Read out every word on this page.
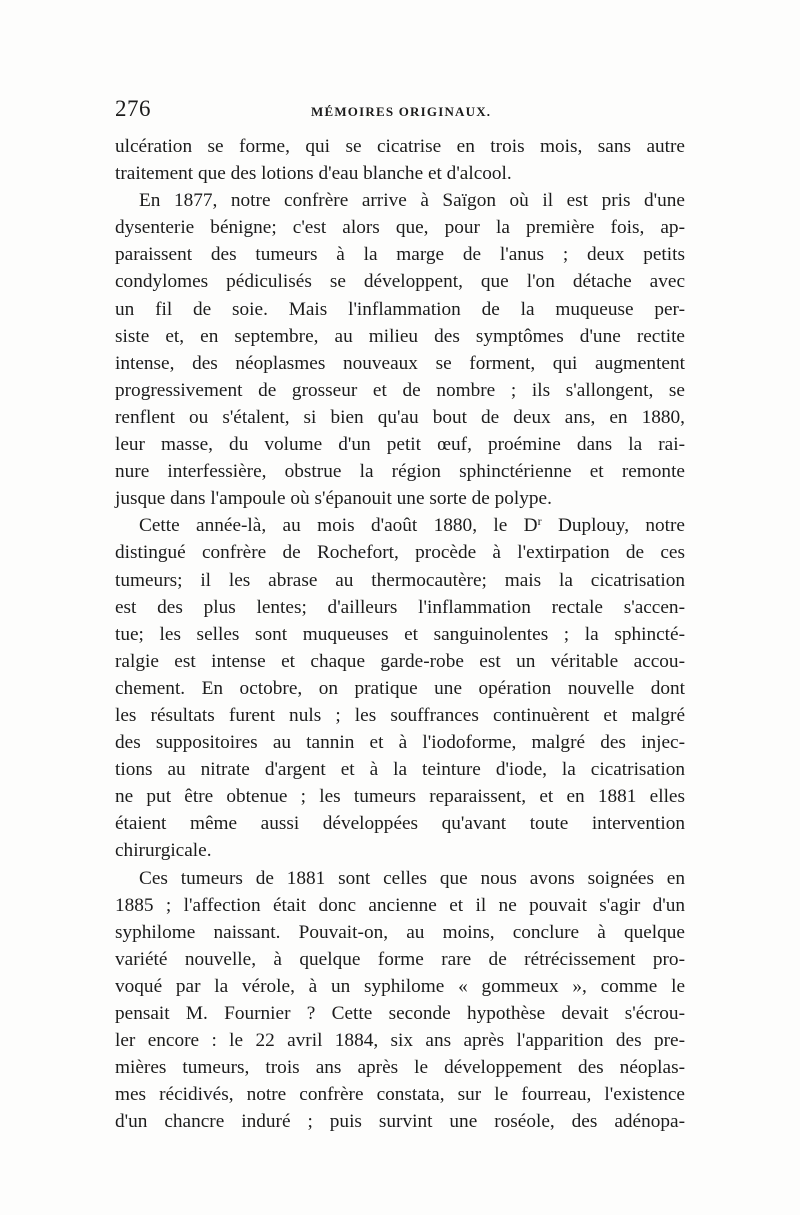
276	MÉMOIRES ORIGINAUX.
ulcération se forme, qui se cicatrise en trois mois, sans autre
traitement que des lotions d'eau blanche et d'alcool.
En 1877, notre confrère arrive à Saïgon où il est pris d'une
dysenterie bénigne; c'est alors que, pour la première fois, ap-
paraissent des tumeurs à la marge de l'anus ; deux petits
condylomes pédiculisés se développent, que l'on détache avec
un fil de soie. Mais l'inflammation de la muqueuse per-
siste et, en septembre, au milieu des symptômes d'une rectite
intense, des néoplasmes nouveaux se forment, qui augmentent
progressivement de grosseur et de nombre ; ils s'allongent, se
renflent ou s'étalent, si bien qu'au bout de deux ans, en 1880,
leur masse, du volume d'un petit œuf, proémine dans la rai-
nure interfessière, obstrue la région sphinctérienne et remonte
jusque dans l'ampoule où s'épanouit une sorte de polype.
Cette année-là, au mois d'août 1880, le $D^r$ Duplouy, notre
distingué confrère de Rochefort, procède à l'extirpation de ces
tumeurs; il les abrase au thermocautère; mais la cicatrisation
est des plus lentes; d'ailleurs l'inflammation rectale s'accen-
tue; les selles sont muqueuses et sanguinolentes ; la sphincté-
ralgie est intense et chaque garde-robe est un véritable accou-
chement. En octobre, on pratique une opération nouvelle dont
les résultats furent nuls ; les souffrances continuèrent et malgré
des suppositoires au tannin et à l'iodoforme, malgré des injec-
tions au nitrate d'argent et à la teinture d'iode, la cicatrisation
ne put être obtenue ; les tumeurs reparaissent, et en 1881 elles
étaient même aussi développées qu'avant toute intervention
chirurgicale.
Ces tumeurs de 1881 sont celles que nous avons soignées en
1885 ; l'affection était donc ancienne et il ne pouvait s'agir d'un
syphilome naissant. Pouvait-on, au moins, conclure à quelque
variété nouvelle, à quelque forme rare de rétrécissement pro-
voqué par la vérole, à un syphilome « gommeux », comme le
pensait M. Fournier ? Cette seconde hypothèse devait s'écrou-
ler encore : le 22 avril 1884, six ans après l'apparition des pre-
mières tumeurs, trois ans après le développement des néoplas-
mes récidivés, notre confrère constata, sur le fourreau, l'existence
d'un chancre induré ; puis survint une roséole, des adénopa-
